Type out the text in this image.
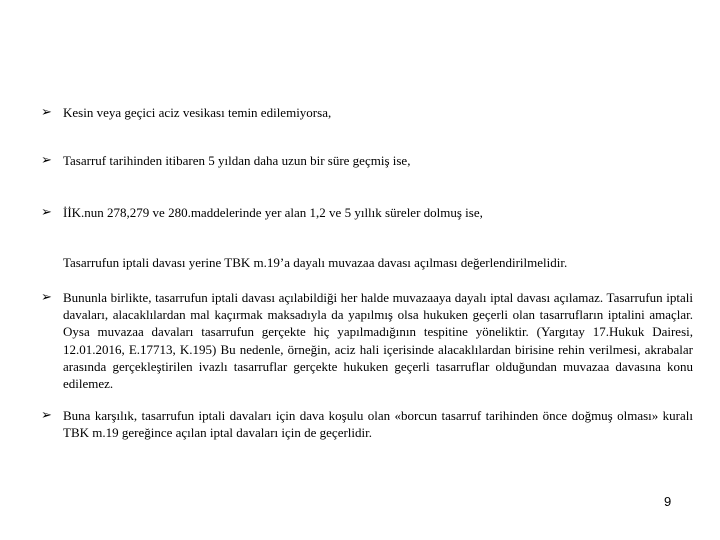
➢ Kesin veya geçici aciz vesikası temin edilemiyorsa,
➢ Tasarruf tarihinden itibaren 5 yıldan daha uzun bir süre geçmiş ise,
➢ İİK.nun 278,279 ve 280.maddelerinde yer alan 1,2 ve 5 yıllık süreler dolmuş ise,
Tasarrufun iptali davası yerine TBK m.19’a dayalı muvazaa davası açılması değerlendirilmelidir.
➢ Bununla birlikte, tasarrufun iptali davası açılabildiği her halde muvazaaya dayalı iptal davası açılamaz. Tasarrufun iptali davaları, alacaklılardan mal kaçırmak maksadıyla da yapılmış olsa hukuken geçerli olan tasarrufların iptalini amaçlar. Oysa muvazaa davaları tasarrufun gerçekte hiç yapılmadığının tespitine yöneliktir. (Yargıtay 17.Hukuk Dairesi, 12.01.2016, E.17713, K.195) Bu nedenle, örneğin, aciz hali içerisinde alacaklılardan birisine rehin verilmesi, akrabalar arasında gerçekleştirilen ivazlı tasarruflar gerçekte hukuken geçerli tasarruflar olduğundan muvazaa davasına konu edilemez.
➢ Buna karşılık, tasarrufun iptali davaları için dava koşulu olan «borcun tasarruf tarihinden önce doğmuş olması» kuralı TBK m.19 gereğince açılan iptal davaları için de geçerlidir.
9
